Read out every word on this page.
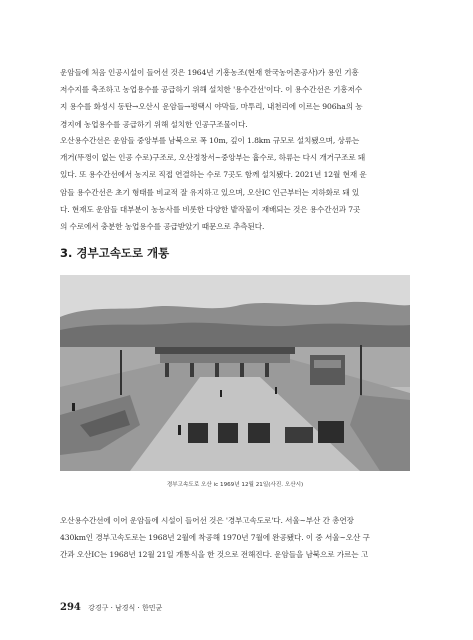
운암들에 처음 인공시설이 들어선 것은 1964년 기흥농조(현재 한국농어촌공사)가 용인 기흥
저수지를 축조하고 농업용수를 공급하기 위해 설치한 '용수간선'이다. 이 용수간선은 기흥저수
지 용수를 화성시 동탄→오산시 운암들→평택시 야막들, 마투리, 내천리에 이르는 906ha의 농
경지에 농업용수를 공급하기 위해 설치한 인공구조물이다.
오산용수간선은 운암들 중앙부를 남북으로 폭 10m, 깊이 1.8km 규모로 설치됐으며, 상류는
개거(뚜껑이 없는 인공 수로)구조로, 오산정창서~중앙부는 흄수로, 하류는 다시 개거구조로 돼
있다. 또 용수간선에서 농지로 직접 연결하는 수로 7곳도 함께 설치됐다. 2021년 12월 현재 운
암들 용수간선은 초기 형태를 비교적 잘 유지하고 있으며, 오산IC 인근부터는 지하화로 돼 있
다. 현재도 운암들 대부분이 농농사를 비롯한 다양한 밭작물이 재배되는 것은 용수간선과 7곳
의 수로에서 충분한 농업용수를 공급받았기 때문으로 추측된다.
3. 경부고속도로 개통
경부고속도로 오산 ic 1969년 12월 21일(사진. 오산시)
오산용수간선에 이어 운암들에 시설이 들어선 것은 '경부고속도로'다. 서울~부산 간 총연장
430km인 경부고속도로는 1968년 2월에 착공해 1970년 7월에 완공됐다. 이 중 서울~오산 구
간과 오산IC는 1968년 12월 21일 개통식을 한 것으로 전해진다. 운암들을 남북으로 가르는 고
294 강경구 · 남경식 · 한민균
